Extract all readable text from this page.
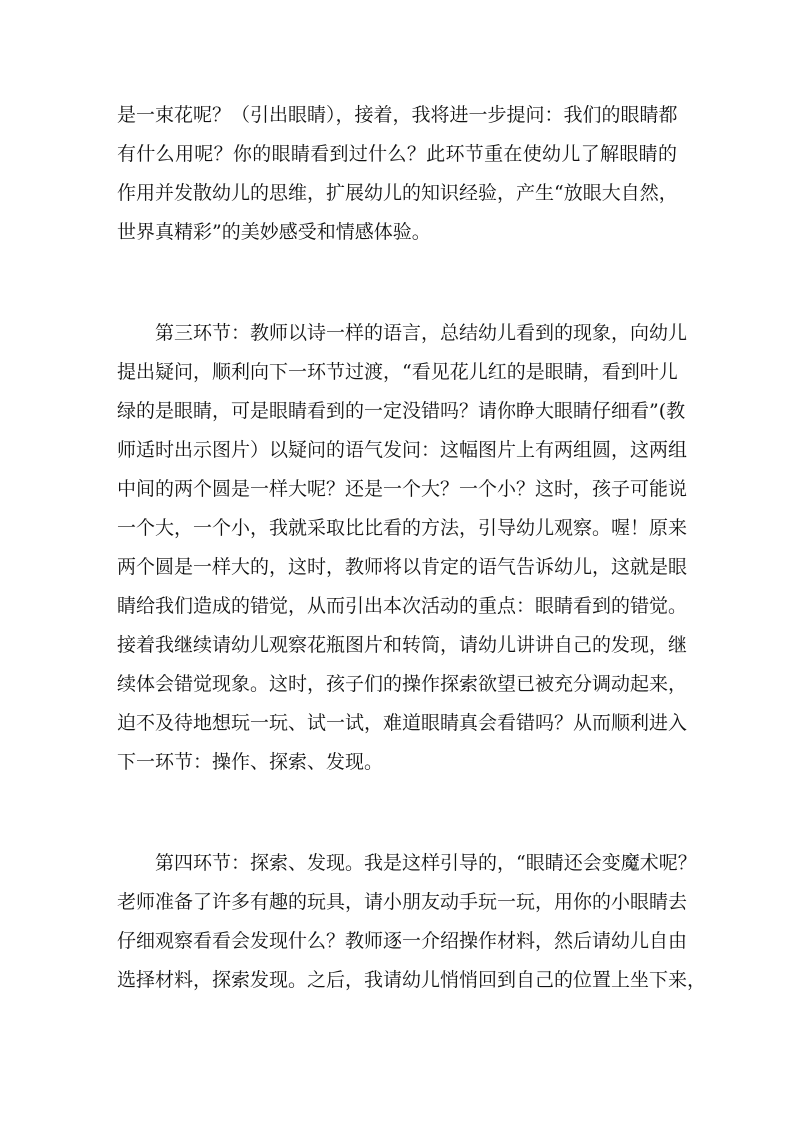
是一束花呢？（引出眼睛），接着，我将进一步提问：我们的眼睛都
有什么用呢？你的眼睛看到过什么？此环节重在使幼儿了解眼睛的
作用并发散幼儿的思维，扩展幼儿的知识经验，产生“放眼大自然，
世界真精彩”的美妙感受和情感体验。
　　第三环节：教师以诗一样的语言，总结幼儿看到的现象，向幼儿
提出疑问，顺利向下一环节过渡，“看见花儿红的是眼睛，看到叶儿
绿的是眼睛，可是眼睛看到的一定没错吗？请你睁大眼睛仔细看”(教
师适时出示图片）以疑问的语气发问：这幅图片上有两组圆，这两组
中间的两个圆是一样大呢？还是一个大？一个小？这时，孩子可能说
一个大，一个小，我就采取比比看的方法，引导幼儿观察。喔！原来
两个圆是一样大的，这时，教师将以肯定的语气告诉幼儿，这就是眼
睛给我们造成的错觉，从而引出本次活动的重点：眼睛看到的错觉。
接着我继续请幼儿观察花瓶图片和转筒，请幼儿讲讲自己的发现，继
续体会错觉现象。这时，孩子们的操作探索欲望已被充分调动起来，
迫不及待地想玩一玩、试一试，难道眼睛真会看错吗？从而顺利进入
下一环节：操作、探索、发现。
　　第四环节：探索、发现。我是这样引导的，“眼睛还会变魔术呢？
老师准备了许多有趣的玩具，请小朋友动手玩一玩，用你的小眼睛去
仔细观察看看会发现什么？教师逐一介绍操作材料，然后请幼儿自由
选择材料，探索发现。之后，我请幼儿悄悄回到自己的位置上坐下来，
